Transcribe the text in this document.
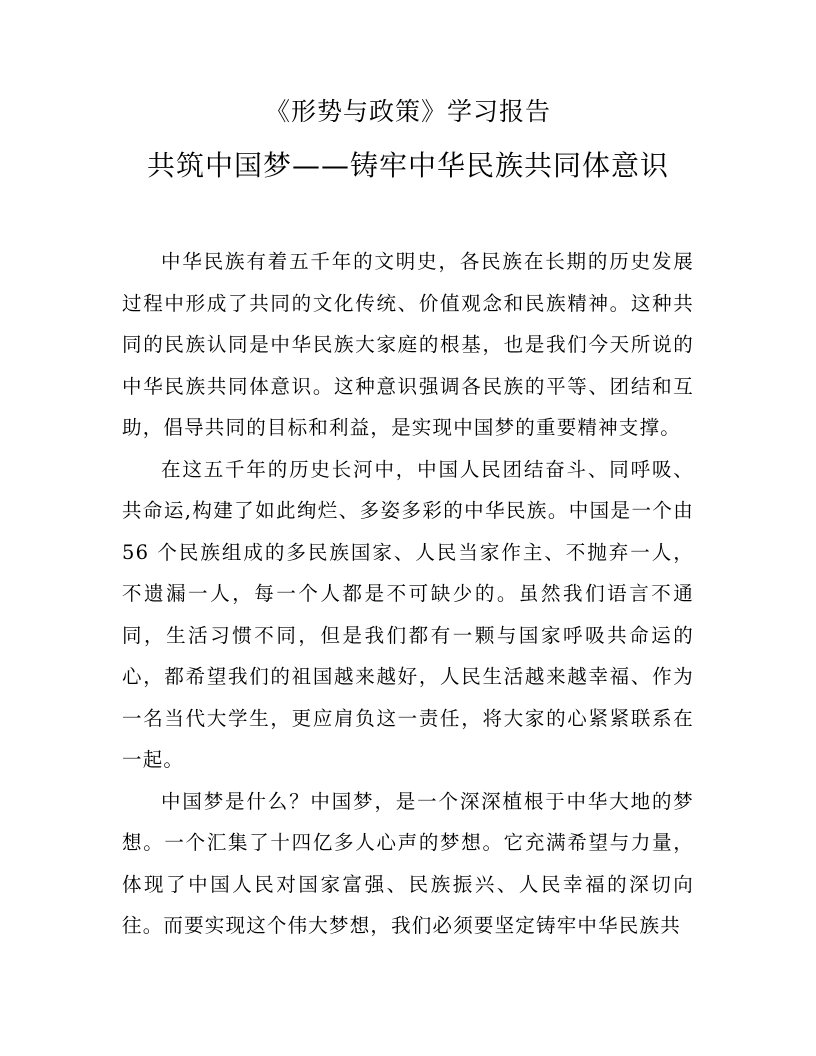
《形势与政策》学习报告
共筑中国梦——铸牢中华民族共同体意识

中华民族有着五千年的文明史，各民族在长期的历史发展过程中形成了共同的文化传统、价值观念和民族精神。这种共同的民族认同是中华民族大家庭的根基，也是我们今天所说的中华民族共同体意识。这种意识强调各民族的平等、团结和互助，倡导共同的目标和利益，是实现中国梦的重要精神支撑。

在这五千年的历史长河中，中国人民团结奋斗、同呼吸、共命运,构建了如此绚烂、多姿多彩的中华民族。中国是一个由 56 个民族组成的多民族国家、人民当家作主、不抛弃一人，不遗漏一人，每一个人都是不可缺少的。虽然我们语言不通同，生活习惯不同，但是我们都有一颗与国家呼吸共命运的心，都希望我们的祖国越来越好，人民生活越来越幸福、作为一名当代大学生，更应肩负这一责任，将大家的心紧紧联系在一起。

中国梦是什么？中国梦，是一个深深植根于中华大地的梦想。一个汇集了十四亿多人心声的梦想。它充满希望与力量，体现了中国人民对国家富强、民族振兴、人民幸福的深切向往。而要实现这个伟大梦想，我们必须要坚定铸牢中华民族共
